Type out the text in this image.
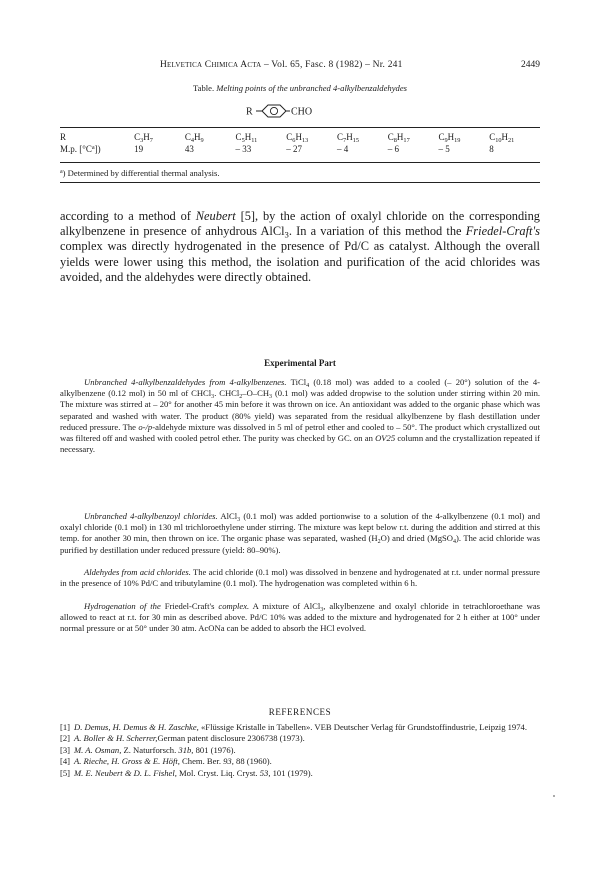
Helvetica Chimica Acta – Vol. 65, Fasc. 8 (1982) – Nr. 241	2449
Table. Melting points of the unbranched 4-alkylbenzaldehydes
R	CHO
R	$C_3H_7$	$C_4H_9$	$C_5H_{11}$	$C_6H_{13}$	$C_7H_{15}$	$C_8H_{17}$	$C_9H_{19}$	$C_{10}H_{21}$
M.p. $[^\circ C^a]$)	19	43	– 33	– 27	– 4	– 6	– 5	8
$^a$) Determined by differential thermal analysis.
according to a method of Neubert [5], by the action of oxalyl chloride on the corresponding alkylbenzene in presence of anhydrous AlCl$_3$. In a variation of this method the Friedel-Craft's complex was directly hydrogenated in the presence of Pd/C as catalyst. Although the overall yields were lower using this method, the isolation and purification of the acid chlorides was avoided, and the aldehydes were directly obtained.
Experimental Part

Unbranched 4-alkylbenzaldehydes from 4-alkylbenzenes. TiCl$_4$ (0.18 mol) was added to a cooled (– 20°) solution of the 4-alkylbenzene (0.12 mol) in 50 ml of CHCl$_3$. $CHCl_2-O-CH_3$ (0.1 mol) was added dropwise to the solution under stirring within 20 min. The mixture was stirred at – 20° for another 45 min before it was thrown on ice. An antioxidant was added to the organic phase which was separated and washed with water. The product (80% yield) was separated from the residual alkylbenzene by flash destillation under reduced pressure. The o-/p-aldehyde mixture was dissolved in 5 ml of petrol ether and cooled to – 50°. The product which crystallized out was filtered off and washed with cooled petrol ether. The purity was checked by GC. on an OV25 column and the crystallization repeated if necessary.

Unbranched 4-alkylbenzoyl chlorides. AlCl$_3$ (0.1 mol) was added portionwise to a solution of the 4-alkylbenzene (0.1 mol) and oxalyl chloride (0.1 mol) in 130 ml trichloroethylene under stirring. The mixture was kept below r.t. during the addition and stirred at this temp. for another 30 min, then thrown on ice. The organic phase was separated, washed $(H_2O)$ and dried (MgSO$_4$). The acid chloride was purified by destillation under reduced pressure (yield: 80–90%).

Aldehydes from acid chlorides. The acid chloride (0.1 mol) was dissolved in benzene and hydrogenated at r.t. under normal pressure in the presence of 10% Pd/C and tributylamine (0.1 mol). The hydrogenation was completed within 6 h.

Hydrogenation of the Friedel-Craft's complex. A mixture of AlCl$_3$, alkylbenzene and oxalyl chloride in tetrachloroethane was allowed to react at r.t. for 30 min as described above. Pd/C 10% was added to the mixture and hydrogenated for 2 h either at 100° under normal pressure or at 50° under 30 atm. AcONa can be added to absorb the HCl evolved.

REFERENCES
[1] D. Demus, H. Demus & H. Zaschke, «Flüssige Kristalle in Tabellen». VEB Deutscher Verlag für Grundstoffindustrie, Leipzig 1974.
[2] A. Boller & H. Scherrer,German patent disclosure 2306738 (1973).
[3] M. A. Osman, Z. Naturforsch. 31b, 801 (1976).
[4] A. Rieche, H. Gross & E. Höft, Chem. Ber. 93, 88 (1960).
[5] M. E. Neubert & D. L. Fishel, Mol. Cryst. Liq. Cryst. 53, 101 (1979).
